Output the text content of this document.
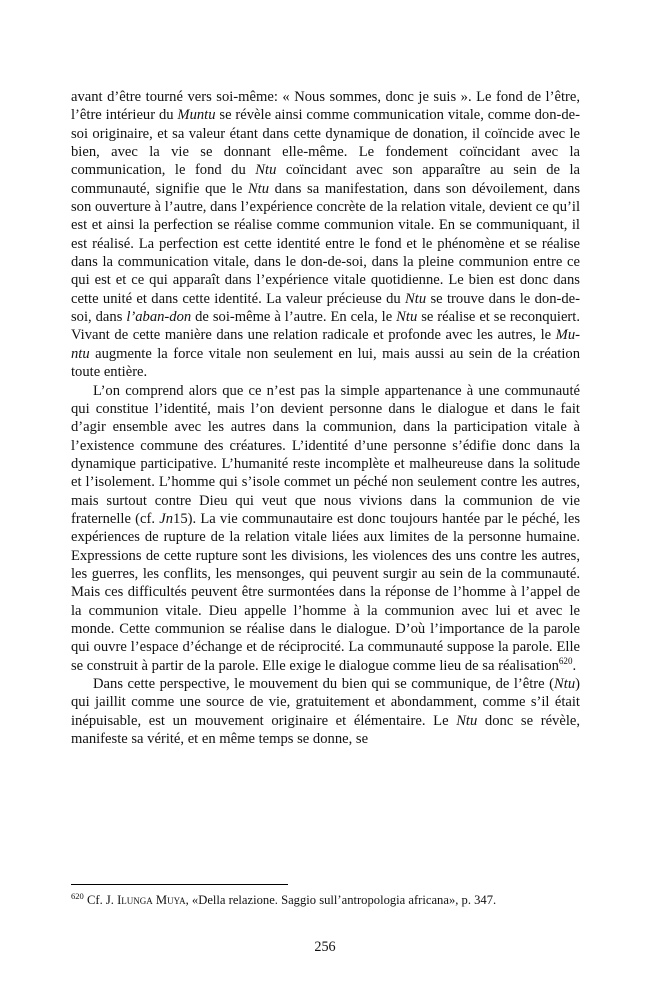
avant d’être tourné vers soi-même: « Nous sommes, donc je suis ». Le fond de l’être, l’être intérieur du Muntu se révèle ainsi comme communication vitale, comme don-de-soi originaire, et sa valeur étant dans cette dynamique de donation, il coïncide avec le bien, avec la vie se donnant elle-même. Le fondement coïncidant avec la communication, le fond du Ntu coïncidant avec son apparaître au sein de la communauté, signifie que le Ntu dans sa manifestation, dans son dévoilement, dans son ouverture à l’autre, dans l’expérience concrète de la relation vitale, devient ce qu’il est et ainsi la perfection se réalise comme communion vitale. En se communiquant, il est réalisé. La perfection est cette identité entre le fond et le phénomène et se réalise dans la communication vitale, dans le don-de-soi, dans la pleine communion entre ce qui est et ce qui apparaît dans l’expérience vitale quotidienne. Le bien est donc dans cette unité et dans cette identité. La valeur précieuse du Ntu se trouve dans le don-de-soi, dans l’aban-don de soi-même à l’autre. En cela, le Ntu se réalise et se reconquiert. Vivant de cette manière dans une relation radicale et profonde avec les autres, le Mu-ntu augmente la force vitale non seulement en lui, mais aussi au sein de la création toute entière.

L’on comprend alors que ce n’est pas la simple appartenance à une communauté qui constitue l’identité, mais l’on devient personne dans le dialogue et dans le fait d’agir ensemble avec les autres dans la communion, dans la participation vitale à l’existence commune des créatures. L’identité d’une personne s’édifie donc dans la dynamique participative. L’humanité reste incomplète et malheureuse dans la solitude et l’isolement. L’homme qui s’isole commet un péché non seulement contre les autres, mais surtout contre Dieu qui veut que nous vivions dans la communion de vie fraternelle (cf. Jn15). La vie communautaire est donc toujours hantée par le péché, les expériences de rupture de la relation vitale liées aux limites de la personne humaine. Expressions de cette rupture sont les divisions, les violences des uns contre les autres, les guerres, les conflits, les mensonges, qui peuvent surgir au sein de la communauté. Mais ces difficultés peuvent être surmontées dans la réponse de l’homme à l’appel de la communion vitale. Dieu appelle l’homme à la communion avec lui et avec le monde. Cette communion se réalise dans le dialogue. D’où l’importance de la parole qui ouvre l’espace d’échange et de réciprocité. La communauté suppose la parole. Elle se construit à partir de la parole. Elle exige le dialogue comme lieu de sa réalisation$^{620}$.

Dans cette perspective, le mouvement du bien qui se communique, de l’être (Ntu) qui jaillit comme une source de vie, gratuitement et abondamment, comme s’il était inépuisable, est un mouvement originaire et élémentaire. Le Ntu donc se révèle, manifeste sa vérité, et en même temps se donne, se

$^{620}$ Cf. J. Ilunga Muya, «Della relazione. Saggio sull’antropologia africana», p. 347.

256
